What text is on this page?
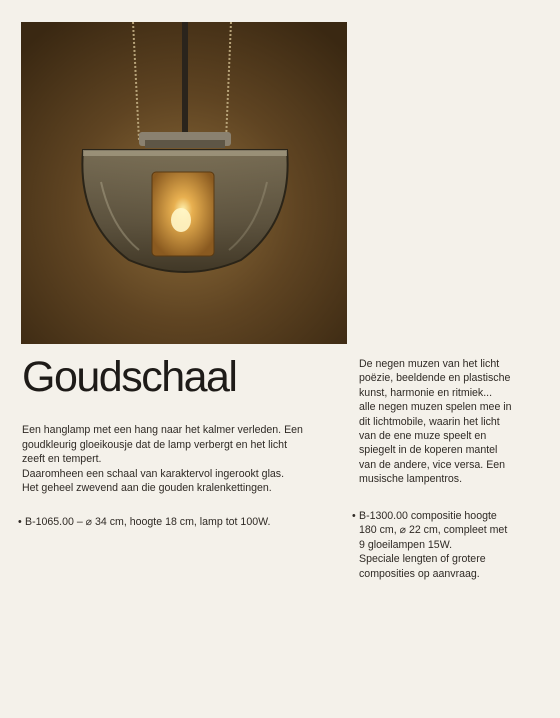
Goudschaal

Een hanglamp met een hang naar het kalmer verleden. Een

goudkleurig gloeikousje dat de lamp verbergt en het licht

zeeft en tempert.

Daaromheen een schaal van karaktervol ingerookt glas.

Het geheel zwevend aan die gouden kralenkettingen.

• B-1065.00 – ⌀ 34 cm, hoogte 18 cm, lamp tot 100W.

De negen muzen van het licht

poëzie, beeldende en plastische

kunst, harmonie en ritmiek...

alle negen muzen spelen mee in

dit lichtmobile, waarin het licht

van de ene muze speelt en

spiegelt in de koperen mantel

van de andere, vice versa. Een

musische lampentros.

• B-1300.00 compositie hoogte
180 cm, ⌀ 22 cm, compleet met
9 gloeilampen 15W.
Speciale lengten of grotere
composities op aanvraag.
